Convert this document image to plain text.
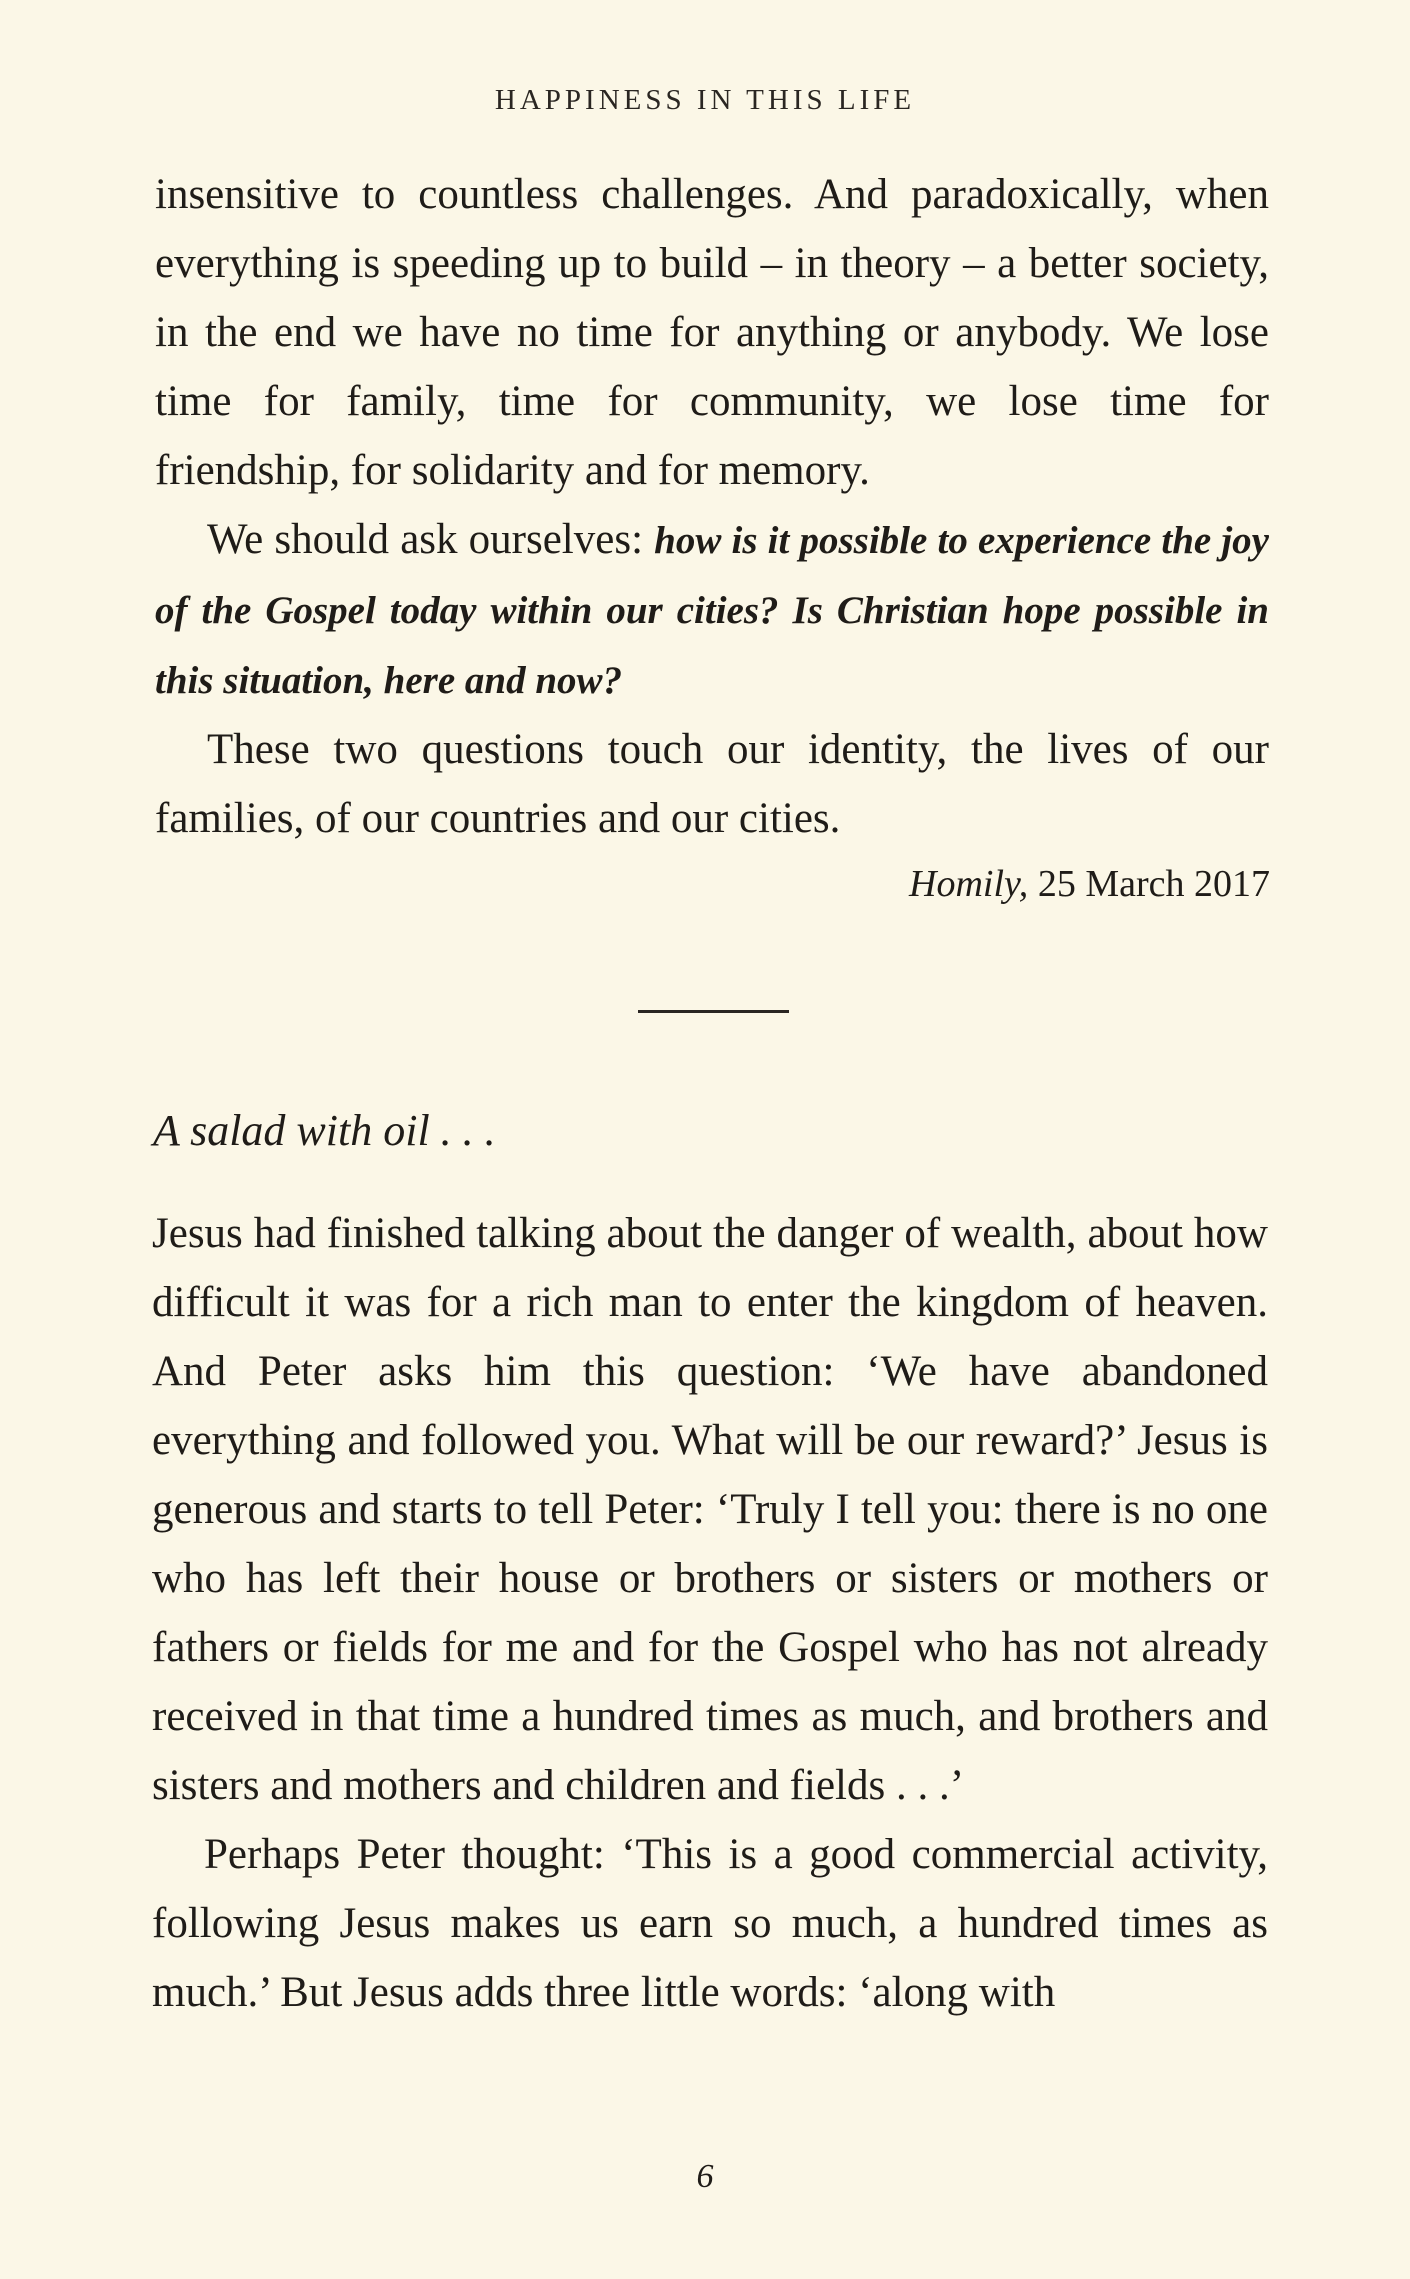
HAPPINESS IN THIS LIFE

insensitive to countless challenges. And paradoxically, when everything is speeding up to build – in theory – a better society, in the end we have no time for anything or anybody. We lose time for family, time for community, we lose time for friendship, for solidarity and for memory.

We should ask ourselves: how is it possible to experience the joy of the Gospel today within our cities? Is Christian hope possible in this situation, here and now?

These two questions touch our identity, the lives of our families, of our countries and our cities.

Homily, 25 March 2017
A salad with oil . . .

Jesus had finished talking about the danger of wealth, about how difficult it was for a rich man to enter the kingdom of heaven. And Peter asks him this question: ‘We have abandoned everything and followed you. What will be our reward?’ Jesus is generous and starts to tell Peter: ‘Truly I tell you: there is no one who has left their house or brothers or sisters or mothers or fathers or fields for me and for the Gospel who has not already received in that time a hundred times as much, and brothers and sisters and mothers and children and fields . . .’

Perhaps Peter thought: ‘This is a good commercial activity, following Jesus makes us earn so much, a hundred times as much.’ But Jesus adds three little words: ‘along with

6
